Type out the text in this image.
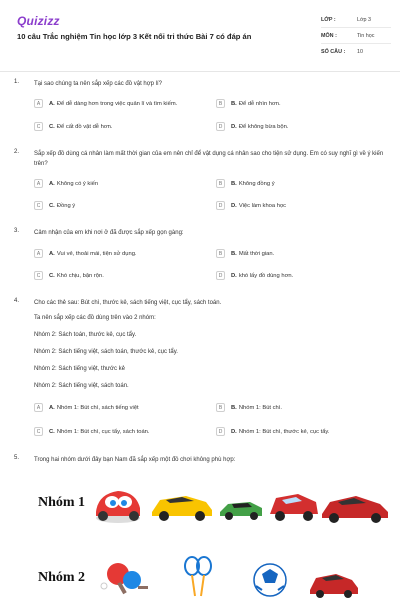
Quizizz
10 câu Trắc nghiệm Tin học lớp 3 Kết nối tri thức Bài 7 có đáp án
LỚP :	Lớp 3
MÔN :	Tin học
SỐ CÂU :	10
1. Tại sao chúng ta nên sắp xếp các đồ vật hợp lí?
A	A. Để dễ dàng hơn trong việc quản lí và tìm kiếm.	B	B. Để dễ nhìn hơn.
C	C. Để cất đồ vật dễ hơn.	D	D. Để không bừa bộn.
2. Sắp xếp đồ dùng cá nhân làm mất thời gian của em nên chỉ để vật dụng cá nhân sao cho tiện sử dụng. Em có suy nghĩ gì về ý kiến trên?
A	A. Không có ý kiến	B	B. Không đồng ý
C	C. Đồng ý	D	D. Việc làm khoa học
3. Cảm nhận của em khi nơi ở đã được sắp xếp gọn gàng:
A	A. Vui vẻ, thoải mái, tiện sử dụng.	B	B. Mất thời gian.
C	C. Khó chịu, bận rộn.	D	D. khó lấy đồ dùng hơn.
4. Cho các thẻ sau: Bút chì, thước kẻ, sách tiếng việt, cục tẩy, sách toán.
Ta nên sắp xếp các đồ dùng trên vào 2 nhóm:
Nhóm 2: Sách toán, thước kẻ, cục tẩy.
Nhóm 2: Sách tiếng việt, sách toán, thước kẻ, cục tẩy.
Nhóm 2: Sách tiếng việt, thước kẻ
Nhóm 2: Sách tiếng việt, sách toán.
A	A. Nhóm 1: Bút chì, sách tiếng việt	B	B. Nhóm 1: Bút chì.
C	C. Nhóm 1: Bút chì, cục tẩy, sách toán.	D	D. Nhóm 1: Bút chì, thước kẻ, cục tẩy.
5. Trong hai nhóm dưới đây bạn Nam đã sắp xếp một đồ chơi không phù hợp:
Nhóm 1
Nhóm 2
